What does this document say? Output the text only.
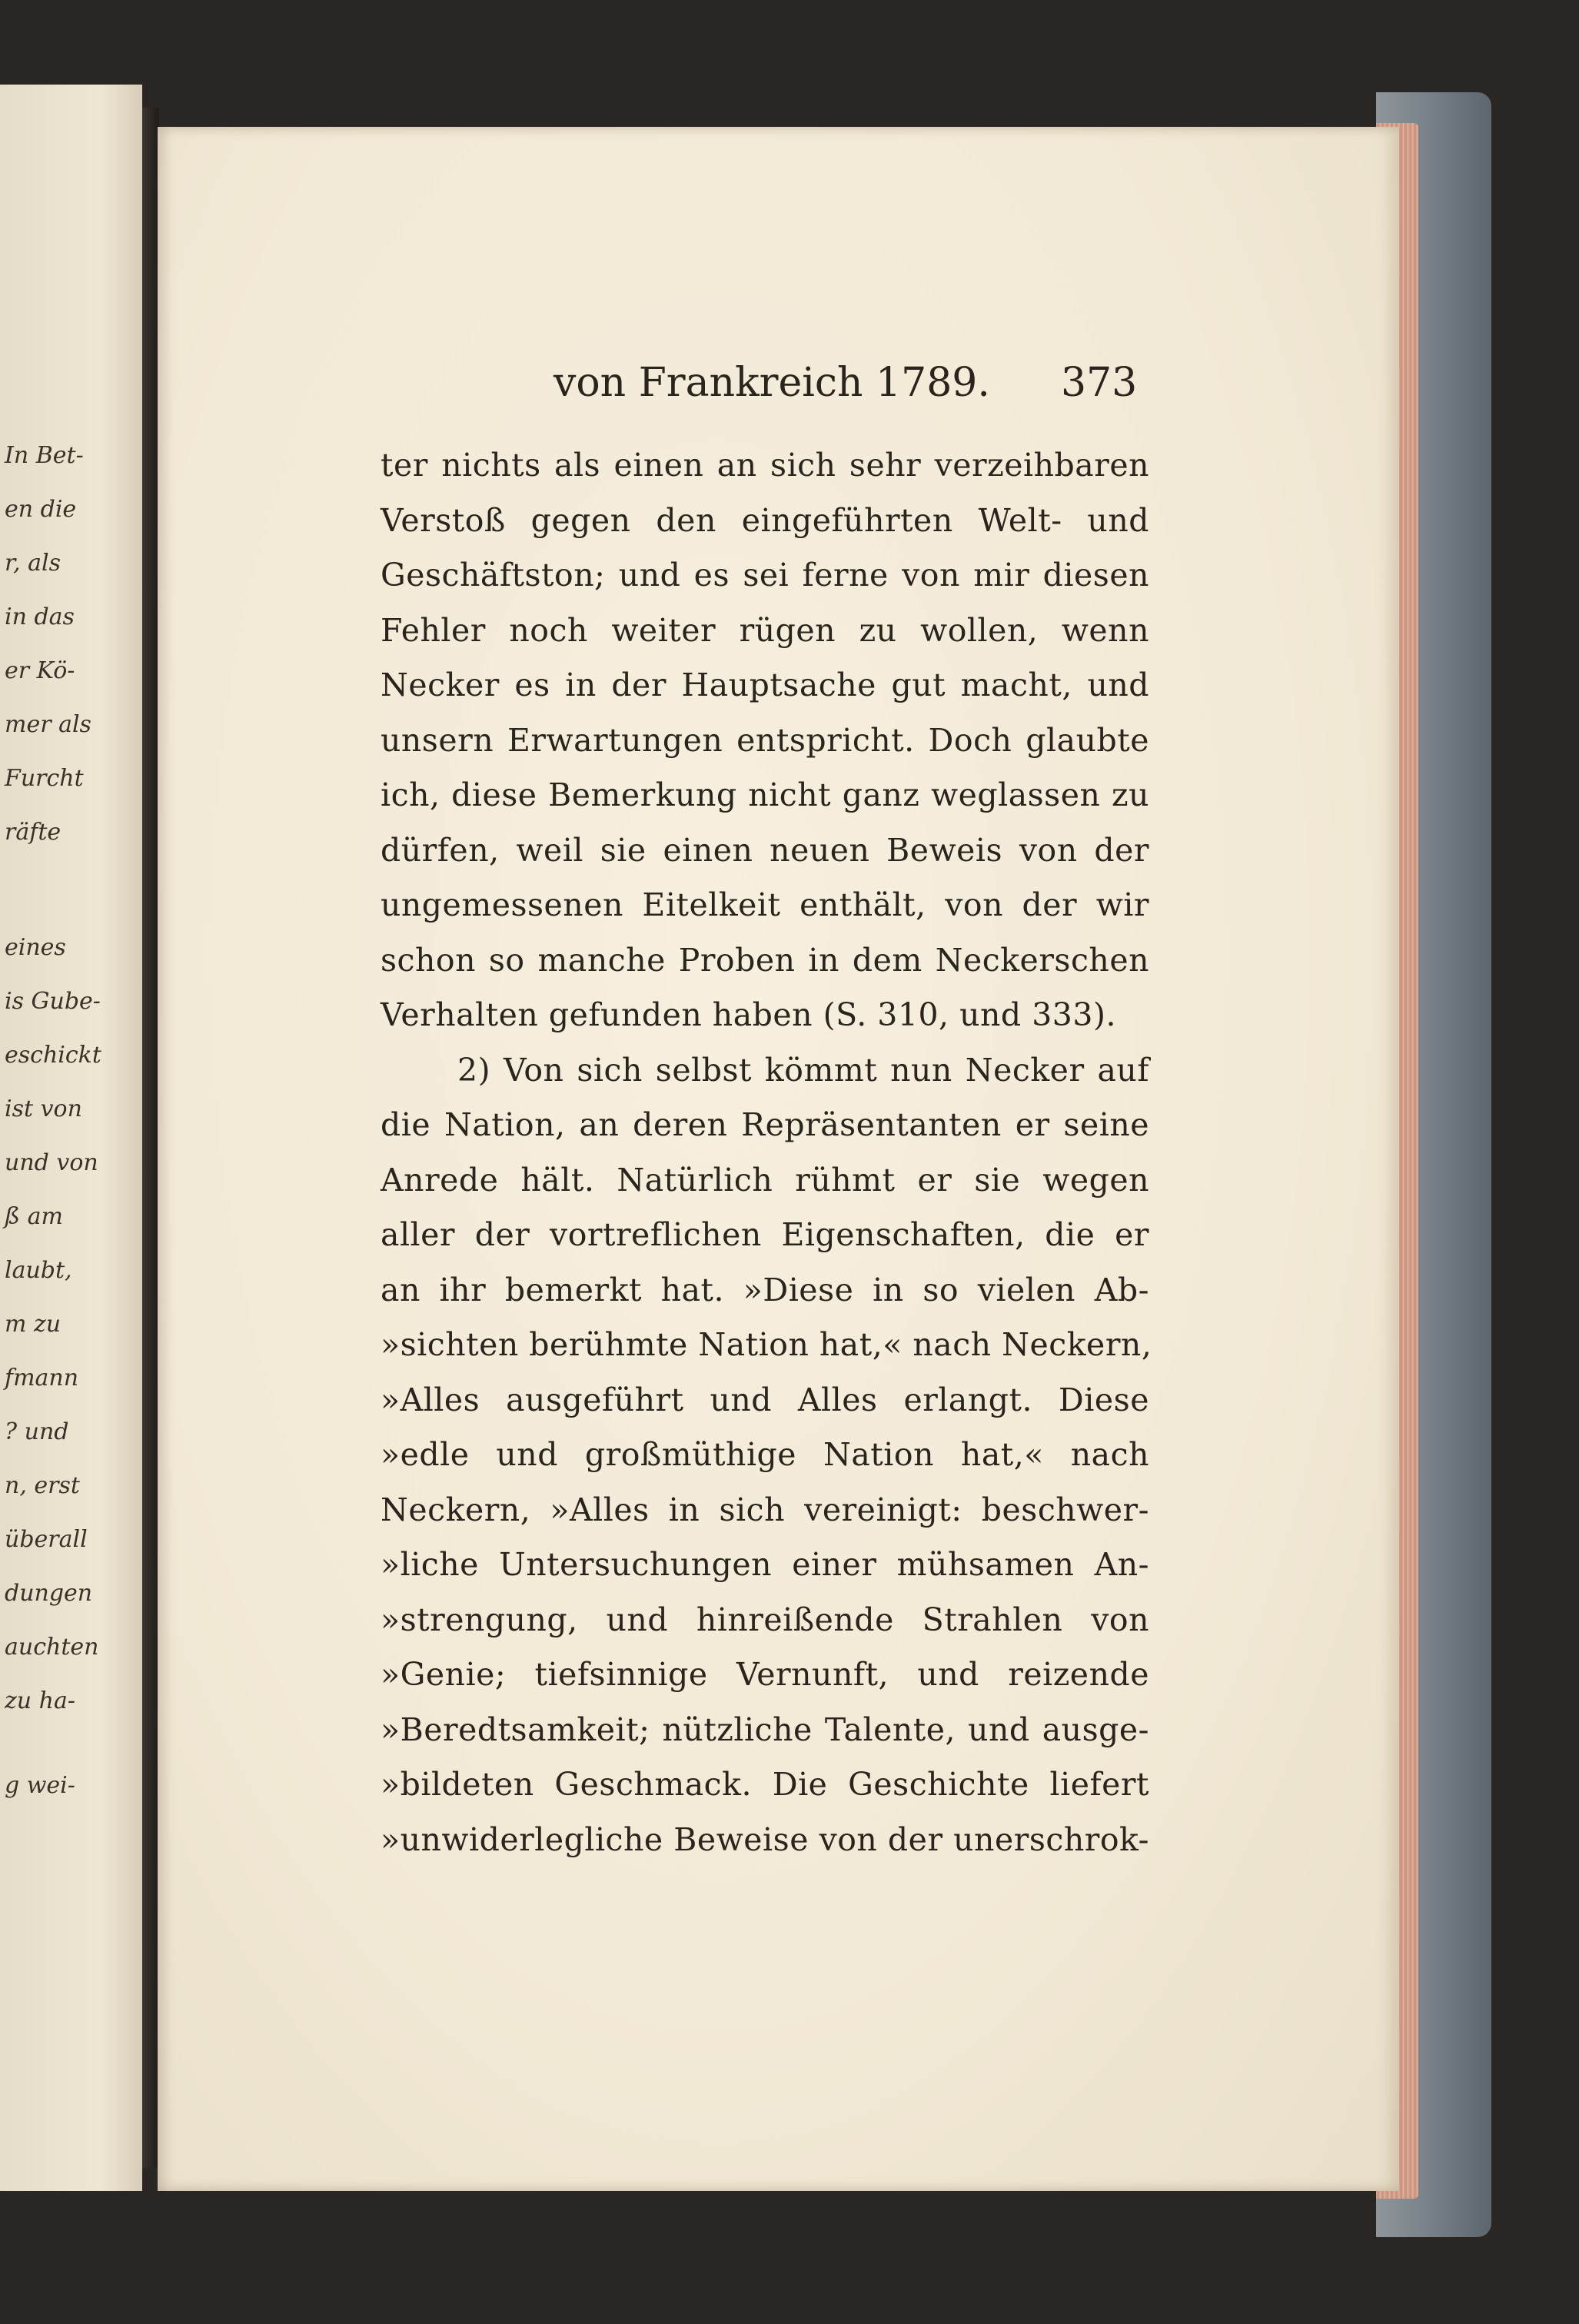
In Bet-
en die
r, als
in das
er Kö-
mer als
Furcht
räfte
eines
is Gube-
eschickt
ist von
und von
ß am
laubt,
m zu
fmann
? und
n, erst
überall
dungen
auchten
zu ha-
g wei-
von Frankreich 1789. 373
ter nichts als einen an sich sehr verzeihbaren
Verstoß gegen den eingeführten Welt- und
Geschäftston; und es sei ferne von mir diesen
Fehler noch weiter rügen zu wollen, wenn
Necker es in der Hauptsache gut macht, und
unsern Erwartungen entspricht. Doch glaubte
ich, diese Bemerkung nicht ganz weglassen zu
dürfen, weil sie einen neuen Beweis von der
ungemessenen Eitelkeit enthält, von der wir
schon so manche Proben in dem Neckerschen
Verhalten gefunden haben (S. 310, und 333).
2) Von sich selbst kömmt nun Necker auf
die Nation, an deren Repräsentanten er seine
Anrede hält. Natürlich rühmt er sie wegen
aller der vortreflichen Eigenschaften, die er
an ihr bemerkt hat. »Diese in so vielen Ab-
»sichten berühmte Nation hat,« nach Neckern,
»Alles ausgeführt und Alles erlangt. Diese
»edle und großmüthige Nation hat,« nach
Neckern, »Alles in sich vereinigt: beschwer-
»liche Untersuchungen einer mühsamen An-
»strengung, und hinreißende Strahlen von
»Genie; tiefsinnige Vernunft, und reizende
»Beredtsamkeit; nützliche Talente, und ausge-
»bildeten Geschmack. Die Geschichte liefert
»unwiderlegliche Beweise von der unerschrok-
